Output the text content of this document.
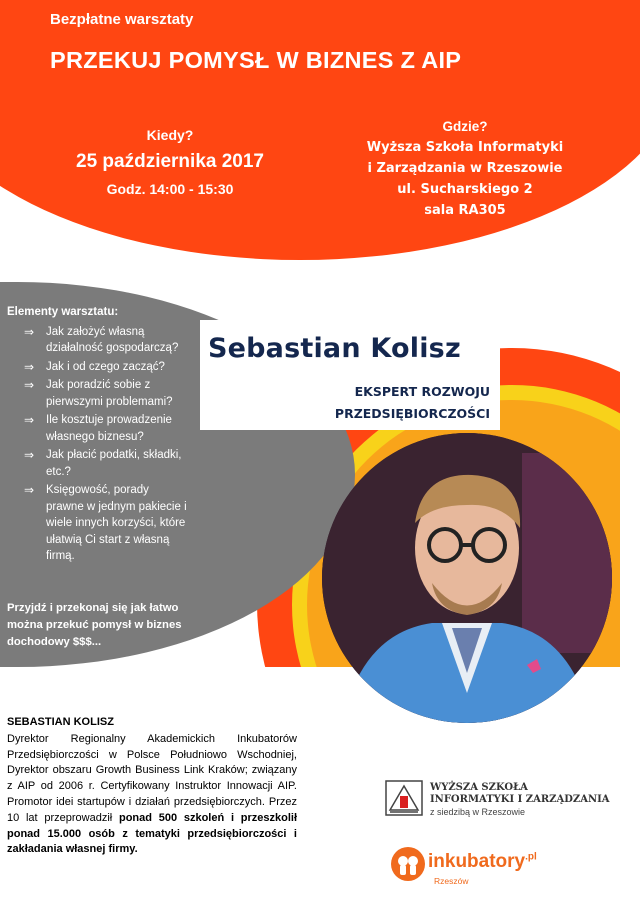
Bezpłatne warsztaty
PRZEKUJ POMYSŁ W BIZNES Z AIP
Kiedy?
25 października 2017
Godz. 14:00 - 15:30
Gdzie?
Wyższa Szkoła Informatyki
i Zarządzania w Rzeszowie
ul. Sucharskiego 2
sala RA305
Elementy warsztatu:
⇒ Jak założyć własną działalność gospodarczą?
⇒ Jak i od czego zacząć?
⇒ Jak poradzić sobie z pierwszymi problemami?
⇒ Ile kosztuje prowadzenie własnego biznesu?
⇒ Jak płacić podatki, składki, etc.?
⇒ Księgowość, porady prawne w jednym pakiecie i wiele innych korzyści, które ułatwią Ci start z własną firmą.
Przyjdź i przekonaj się jak łatwo można przekuć pomysł w biznes dochodowy $$$...
Sebastian Kolisz
EKSPERT ROZWOJU
PRZEDSIĘBIORCZOŚCI
SEBASTIAN KOLISZ
Dyrektor Regionalny Akademickich Inkubatorów Przedsiębiorczości w Polsce Południowo Wschodniej, Dyrektor obszaru Growth Business Link Kraków; związany z AIP od 2006 r. Certyfikowany Instruktor Innowacji AIP. Promotor idei startupów i działań przedsiębiorczych. Przez 10 lat przeprowadził ponad 500 szkoleń i przeszkolił ponad 15.000 osób z tematyki przedsiębiorczości i zakładania własnej firmy.
WYŻSZA SZKOŁA
INFORMATYKI I ZARZĄDZANIA
z siedzibą w Rzeszowie
inkubatory$^{.pl}$
Rzeszów
